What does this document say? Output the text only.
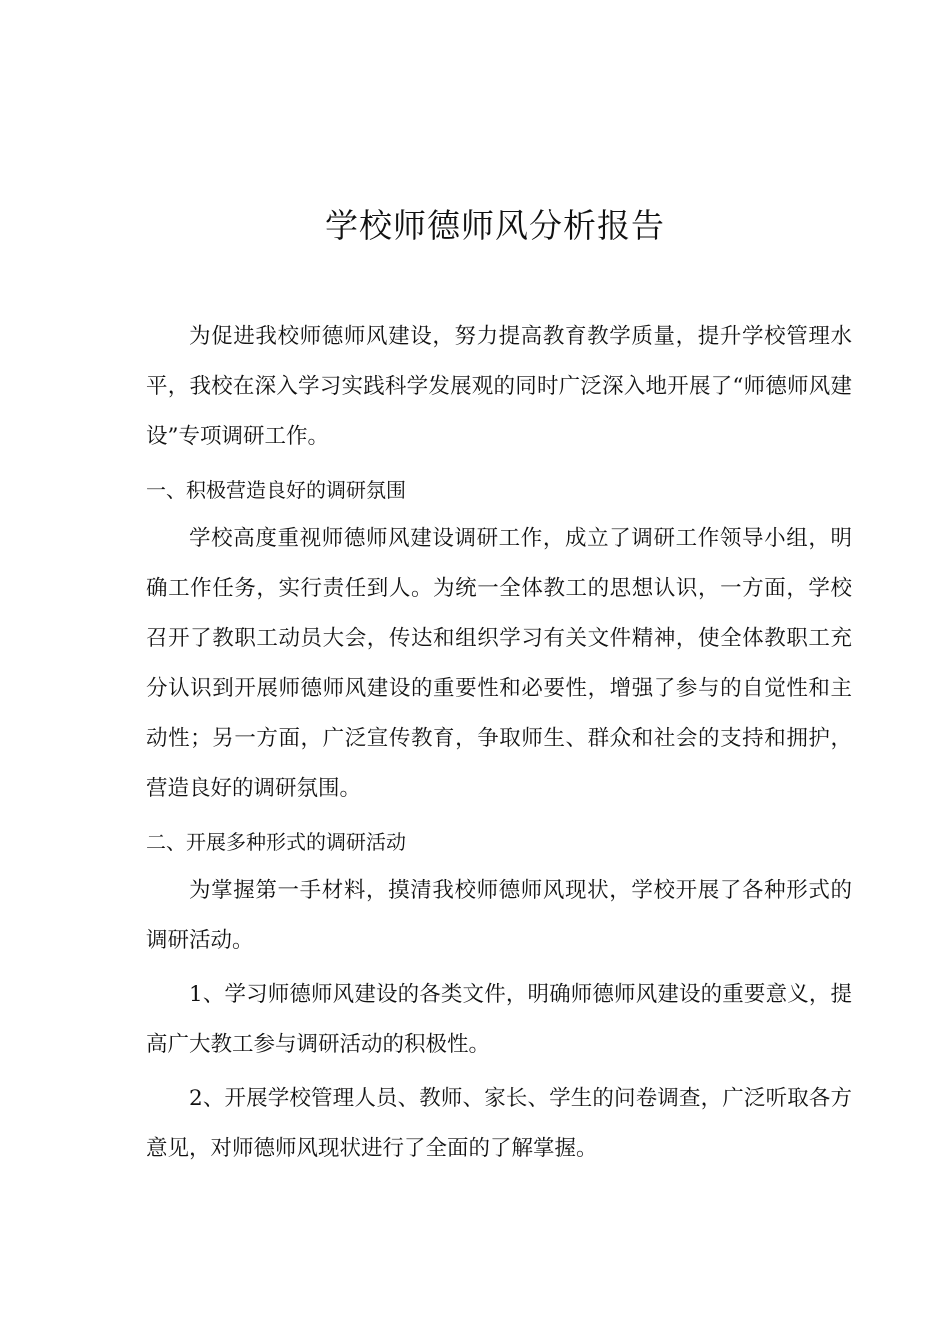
学校师德师风分析报告

为促进我校师德师风建设，努力提高教育教学质量，提升学校管理水平，我校在深入学习实践科学发展观的同时广泛深入地开展了“师德师风建设”专项调研工作。

一、积极营造良好的调研氛围

学校高度重视师德师风建设调研工作，成立了调研工作领导小组，明确工作任务，实行责任到人。为统一全体教工的思想认识，一方面，学校召开了教职工动员大会，传达和组织学习有关文件精神，使全体教职工充分认识到开展师德师风建设的重要性和必要性，增强了参与的自觉性和主动性；另一方面，广泛宣传教育，争取师生、群众和社会的支持和拥护，营造良好的调研氛围。

二、开展多种形式的调研活动

为掌握第一手材料，摸清我校师德师风现状，学校开展了各种形式的调研活动。

1、学习师德师风建设的各类文件，明确师德师风建设的重要意义，提高广大教工参与调研活动的积极性。

2、开展学校管理人员、教师、家长、学生的问卷调查，广泛听取各方意见，对师德师风现状进行了全面的了解掌握。
